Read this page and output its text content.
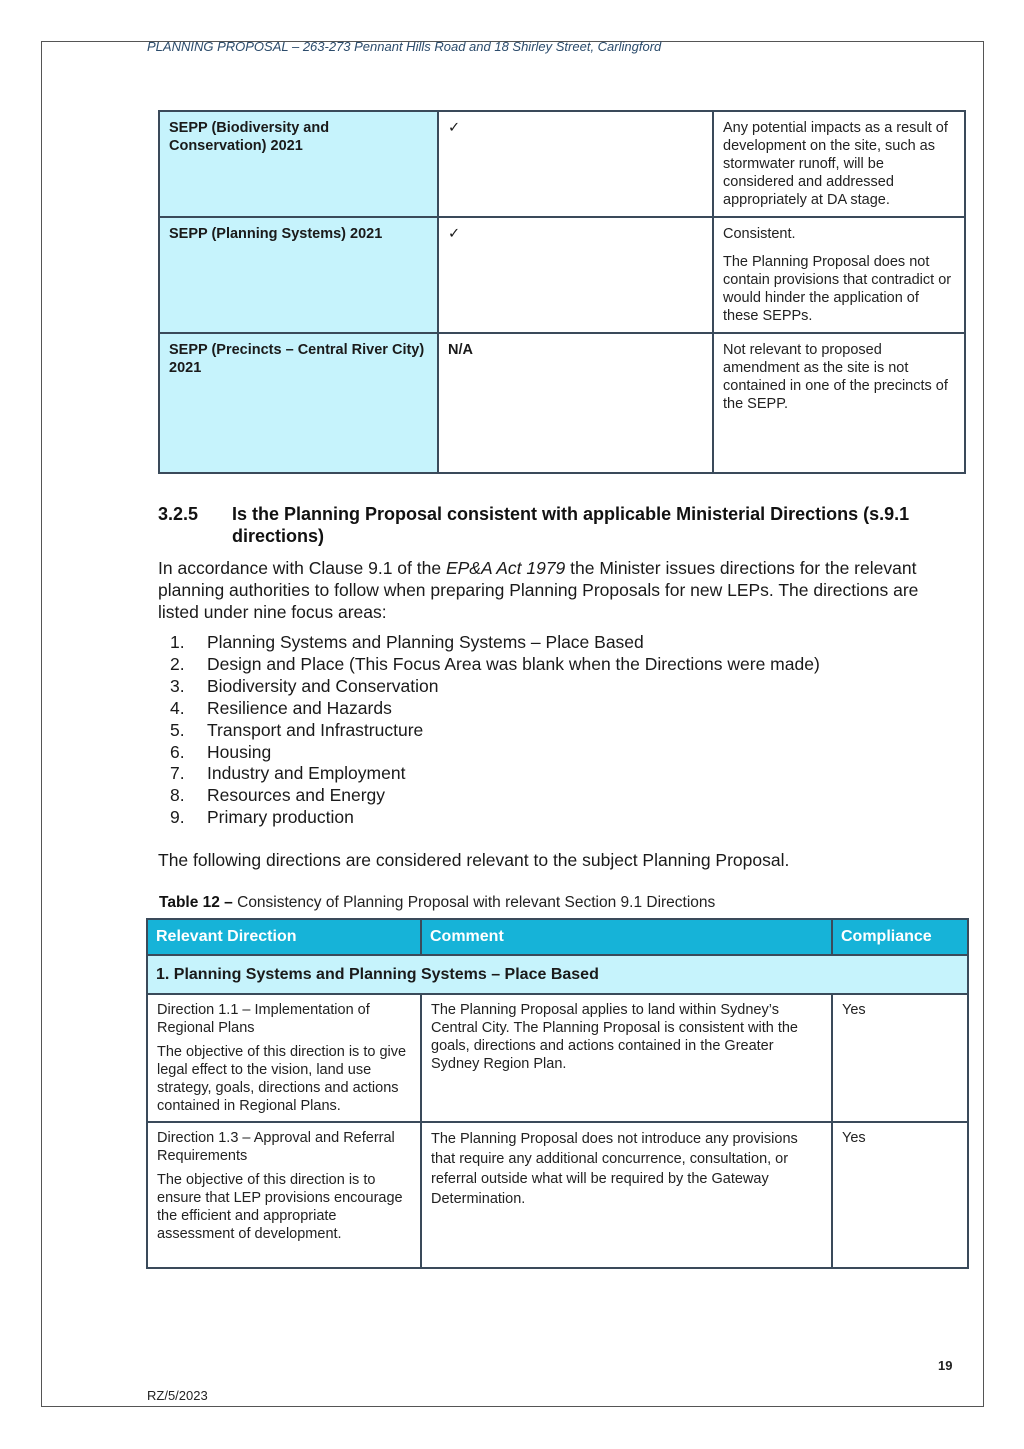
PLANNING PROPOSAL – 263-273 Pennant Hills Road and 18 Shirley Street, Carlingford
SEPP (Biodiversity and Conservation) 2021	✓	Any potential impacts as a result of development on the site, such as stormwater runoff, will be considered and addressed appropriately at DA stage.

SEPP (Planning Systems) 2021	✓	Consistent.

The Planning Proposal does not contain provisions that contradict or would hinder the application of these SEPPs.

SEPP (Precincts – Central River City) 2021	N/A	Not relevant to proposed amendment as the site is not contained in one of the precincts of the SEPP.

3.2.5 Is the Planning Proposal consistent with applicable Ministerial Directions (s.9.1 directions)

In accordance with Clause 9.1 of the EP&A Act 1979 the Minister issues directions for the relevant planning authorities to follow when preparing Planning Proposals for new LEPs. The directions are listed under nine focus areas:

1. Planning Systems and Planning Systems – Place Based
2. Design and Place (This Focus Area was blank when the Directions were made)
3. Biodiversity and Conservation
4. Resilience and Hazards
5. Transport and Infrastructure
6. Housing
7. Industry and Employment
8. Resources and Energy
9. Primary production

The following directions are considered relevant to the subject Planning Proposal.

Table 12 – Consistency of Planning Proposal with relevant Section 9.1 Directions

Relevant Direction	Comment	Compliance
1. Planning Systems and Planning Systems – Place Based		

Direction 1.1 – Implementation of Regional Plans

The objective of this direction is to give legal effect to the vision, land use strategy, goals, directions and actions contained in Regional Plans.	The Planning Proposal applies to land within Sydney’s Central City. The Planning Proposal is consistent with the goals, directions and actions contained in the Greater Sydney Region Plan.	Yes

Direction 1.3 – Approval and Referral Requirements

The objective of this direction is to ensure that LEP provisions encourage the efficient and appropriate assessment of development.	The Planning Proposal does not introduce any provisions that require any additional concurrence, consultation, or referral outside what will be required by the Gateway Determination.	Yes
19
RZ/5/2023
